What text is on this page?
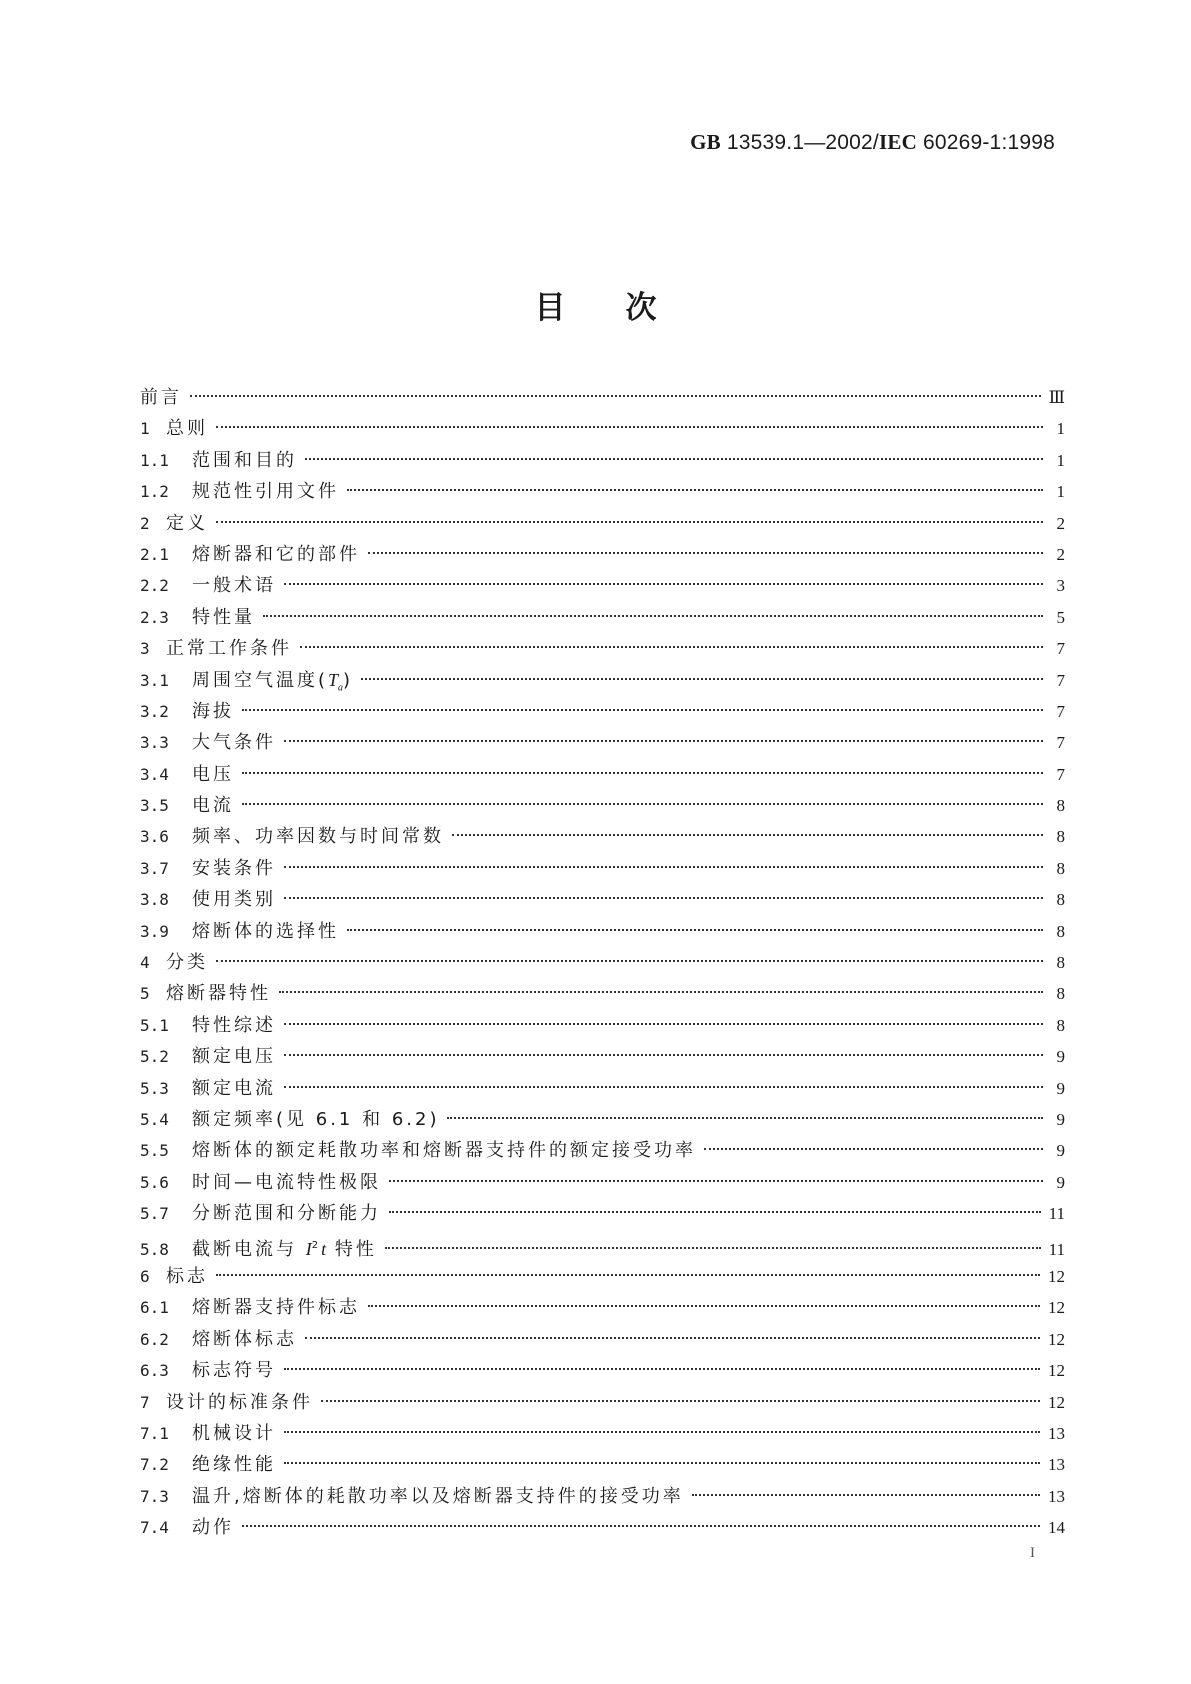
GB 13539.1—2002/IEC 60269-1:1998
目次
前言	Ⅲ
1 总则	1
1.1	范围和目的	1
1.2	规范性引用文件	1
2 定义	2
2.1	熔断器和它的部件	2
2.2	一般术语	3
2.3	特性量	5
3 正常工作条件	7
3.1	周围空气温度$(T_a)$	7
3.2	海拔	7
3.3	大气条件	7
3.4	电压	7
3.5	电流	8
3.6	频率、功率因数与时间常数	8
3.7	安装条件	8
3.8	使用类别	8
3.9	熔断体的选择性	8
4 分类	8
5 熔断器特性	8
5.1	特性综述	8
5.2	额定电压	9
5.3	额定电流	9
5.4	额定频率(见 6.1 和 6.2)	9
5.5	熔断体的额定耗散功率和熔断器支持件的额定接受功率	9
5.6	时间—电流特性极限	9
5.7	分断范围和分断能力	11
5.8	截断电流与 $I^2t$ 特性	11
6 标志	12
6.1	熔断器支持件标志	12
6.2	熔断体标志	12
6.3	标志符号	12
7 设计的标准条件	12
7.1	机械设计	13
7.2	绝缘性能	13
7.3	温升,熔断体的耗散功率以及熔断器支持件的接受功率	13
7.4	动作	14
I
